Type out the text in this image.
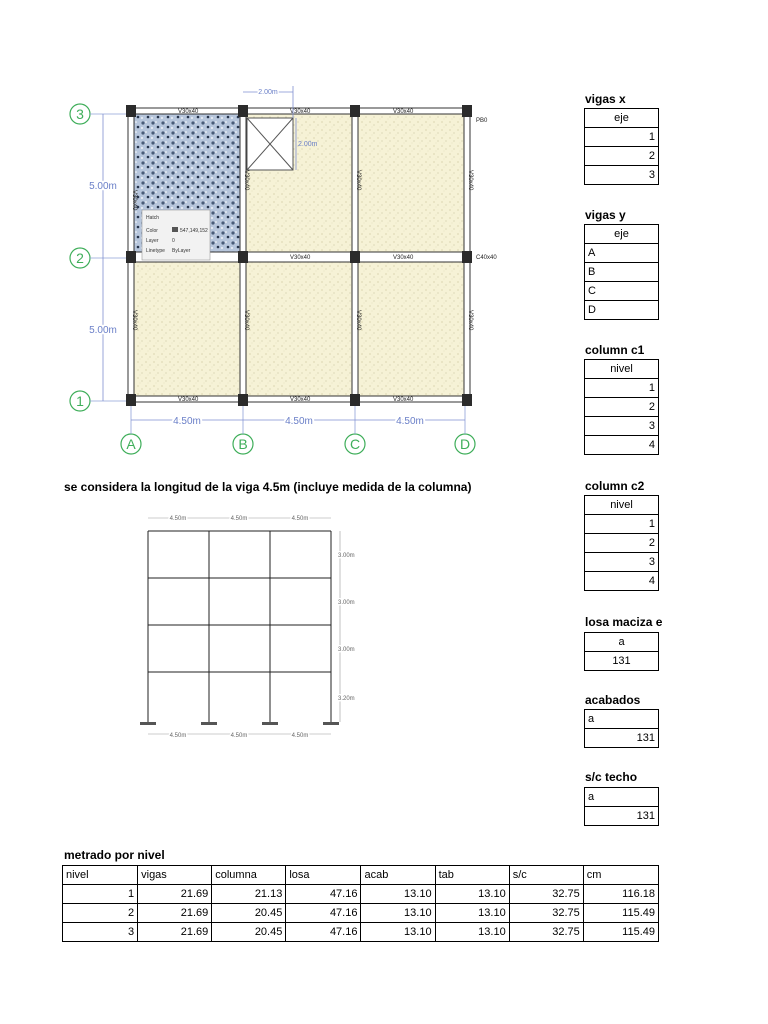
V30x40	V30x40	V30x40
V30x40	V30x40
V30x40	V30x40	V30x40
V30x40
V30x40	V30x40	V30x40
V30x40	V30x40	V30x40	V30x40
PB0
C40x40
Hatch
Color	547,149,152
Layer	0
Linetype ByLayer
3
2
1
A	B	C	D
5.00m
5.00m
4.50m	4.50m	4.50m
2.00m
2.00m
se considera la longitud de la viga 4.5m (incluye medida de la columna)
4.50m	4.50m	4.50m
4.50m	4.50m	4.50m
3.00m
3.00m
3.00m
3.20m
vigas x
eje
1
2
3
vigas y
eje
A
B
C
D
column c1
nivel
1
2
3
4
column c2
nivel
1
2
3
4
losa maciza e
a
131
acabados
a
131
s/c techo
a
131
metrado por nivel
nivel	vigas	columna	losa	acab	tab	s/c	cm
1	21.69	21.13	47.16	13.10	13.10	32.75	116.18
2	21.69	20.45	47.16	13.10	13.10	32.75	115.49
3	21.69	20.45	47.16	13.10	13.10	32.75	115.49
